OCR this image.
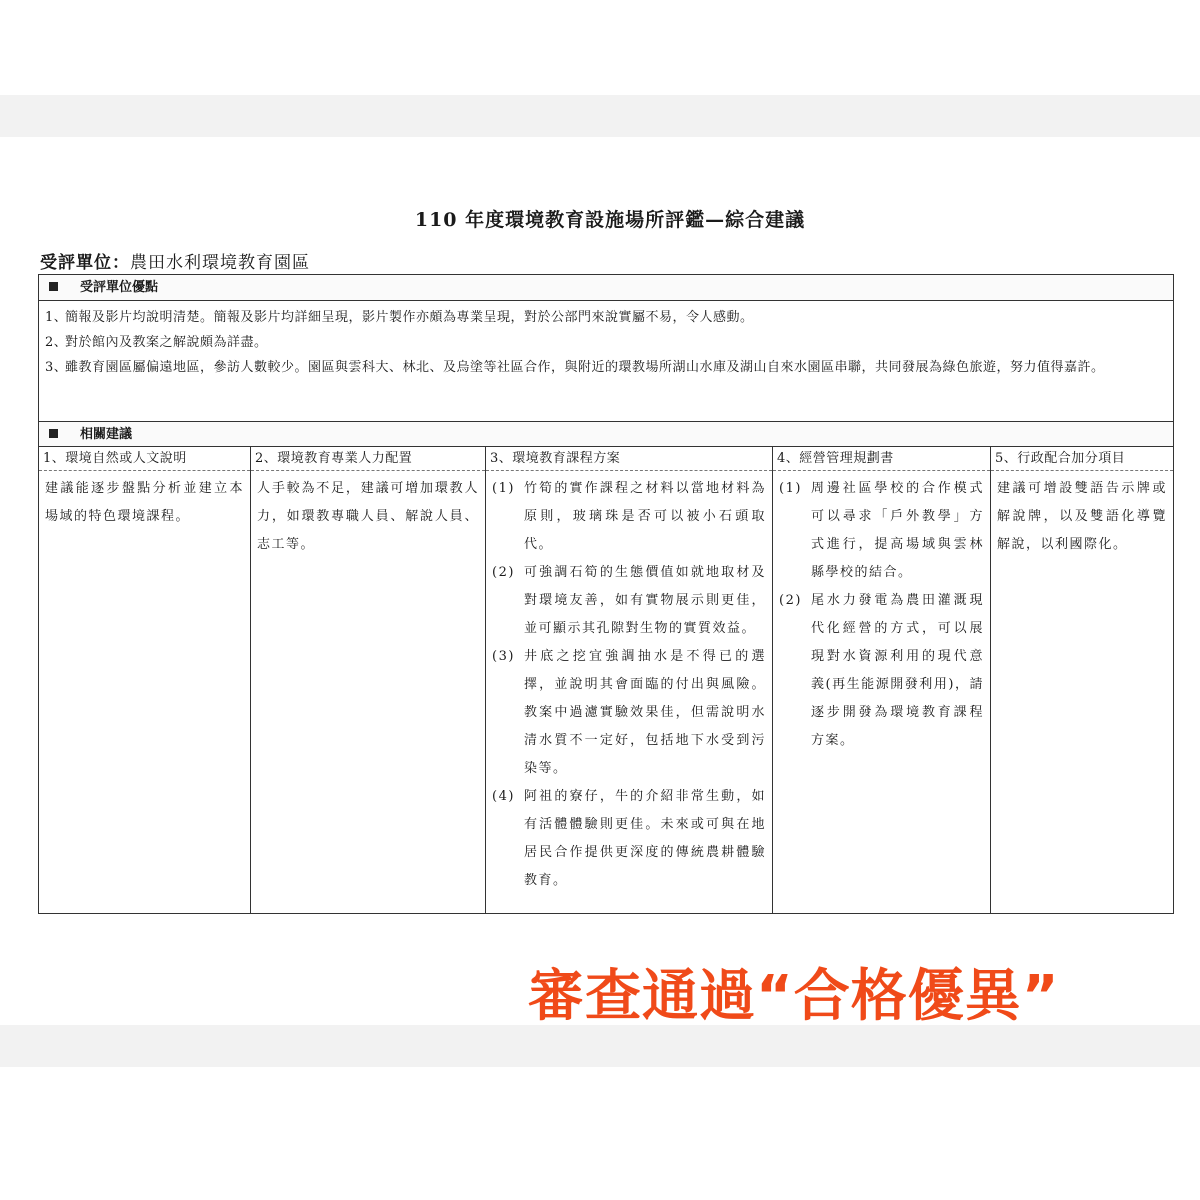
110 年度環境教育設施場所評鑑—綜合建議
受評單位：農田水利環境教育園區
受評單位優點
1、
簡報及影片均說明清楚。簡報及影片均詳細呈現，影片製作亦頗為專業呈現，對於公部門來說實屬不易，令人感動。
2、
對於館內及教案之解說頗為詳盡。
3、
雖教育園區屬偏遠地區，參訪人數較少。園區與雲科大、林北、及烏塗等社區合作，與附近的環教場所湖山水庫及湖山自來水園區串聯，共同發展為綠色旅遊，努力值得嘉許。
相關建議
1、環境自然或人文說明
建議能逐步盤點分析並建立本場域的特色環境課程。
2、環境教育專業人力配置
人手較為不足，建議可增加環教人力，如環教專職人員、解說人員、志工等。
3、環境教育課程方案
(1) 竹筍的實作課程之材料以當地材料為原則，玻璃珠是否可以被小石頭取代。
(2) 可強調石筍的生態價值如就地取材及對環境友善，如有實物展示則更佳，並可顯示其孔隙對生物的實質效益。
(3) 井底之挖宜強調抽水是不得已的選擇，並說明其會面臨的付出與風險。教案中過濾實驗效果佳，但需說明水清水質不一定好，包括地下水受到污染等。
(4) 阿祖的寮仔，牛的介紹非常生動，如有活體體驗則更佳。未來或可與在地居民合作提供更深度的傳統農耕體驗教育。
4、經營管理規劃書
(1) 周邊社區學校的合作模式可以尋求「戶外教學」方式進行，提高場域與雲林縣學校的結合。
(2) 尾水力發電為農田灌溉現代化經營的方式，可以展現對水資源利用的現代意義(再生能源開發利用)，請逐步開發為環境教育課程方案。
5、行政配合加分項目
建議可增設雙語告示牌或解說牌，以及雙語化導覽解說，以利國際化。
審查通過“合格優異”
